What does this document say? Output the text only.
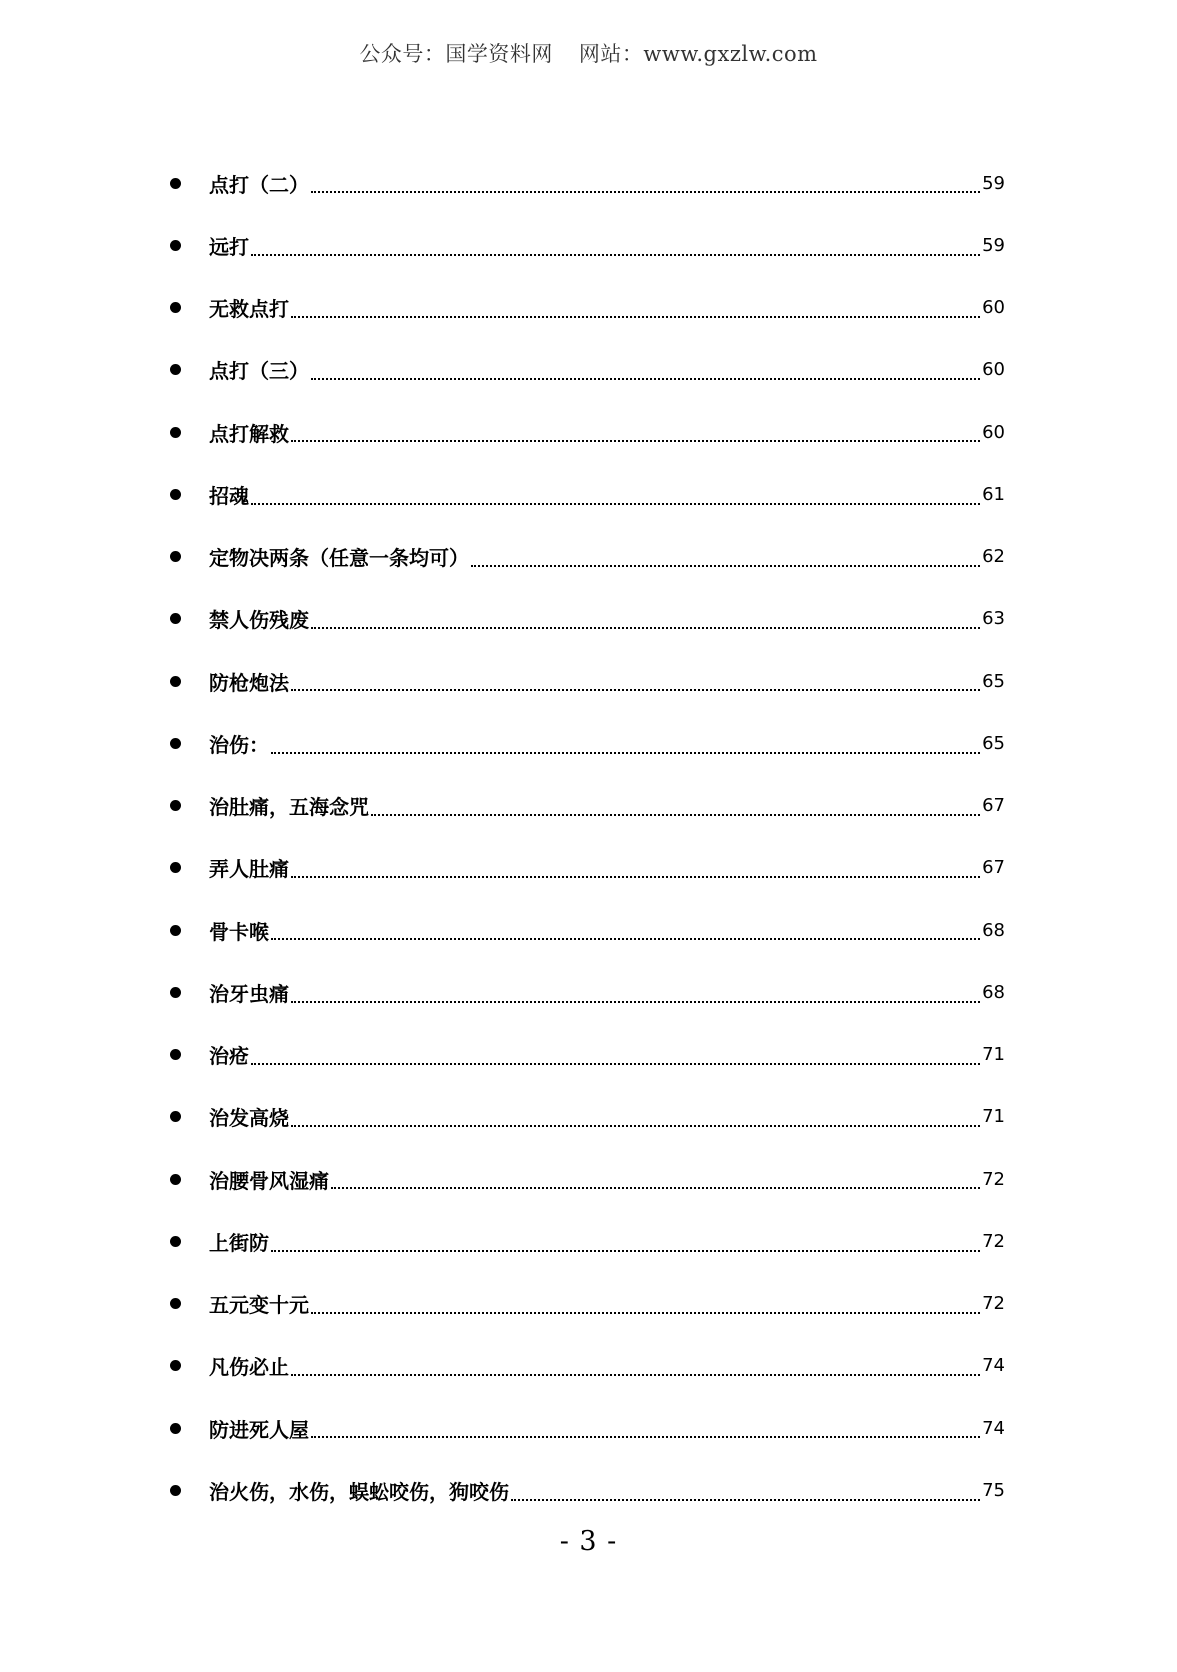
公众号：国学资料网 网站：www.gxzlw.com
点打（二）	59
远打	59
无救点打	60
点打（三）	60
点打解救	60
招魂	61
定物决两条（任意一条均可）	62
禁人伤残废	63
防枪炮法	65
治伤：	65
治肚痛，五海念咒	67
弄人肚痛	67
骨卡喉	68
治牙虫痛	68
治疮	71
治发高烧	71
治腰骨风湿痛	72
上街防	72
五元变十元	72
凡伤必止	74
防进死人屋	74
治火伤，水伤，蜈蚣咬伤，狗咬伤	75
- 3 -
